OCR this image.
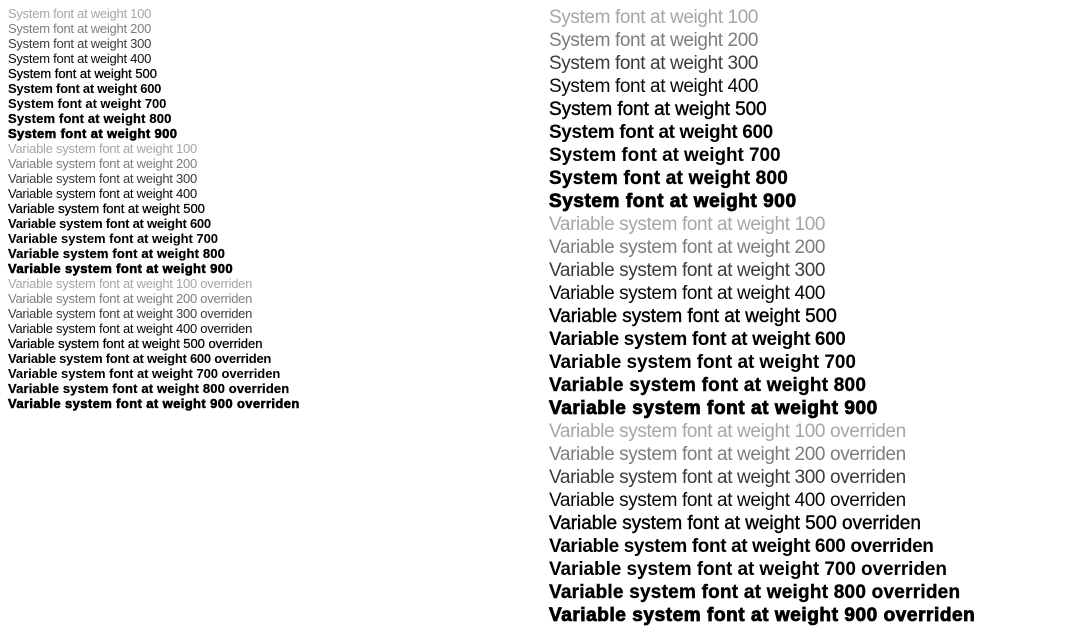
System font at weight 100
System font at weight 200
System font at weight 300
System font at weight 400
System font at weight 500
System font at weight 600
System font at weight 700
System font at weight 800
System font at weight 900
Variable system font at weight 100
Variable system font at weight 200
Variable system font at weight 300
Variable system font at weight 400
Variable system font at weight 500
Variable system font at weight 600
Variable system font at weight 700
Variable system font at weight 800
Variable system font at weight 900
Variable system font at weight 100 overriden
Variable system font at weight 200 overriden
Variable system font at weight 300 overriden
Variable system font at weight 400 overriden
Variable system font at weight 500 overriden
Variable system font at weight 600 overriden
Variable system font at weight 700 overriden
Variable system font at weight 800 overriden
Variable system font at weight 900 overriden
System font at weight 100
System font at weight 200
System font at weight 300
System font at weight 400
System font at weight 500
System font at weight 600
System font at weight 700
System font at weight 800
System font at weight 900
Variable system font at weight 100
Variable system font at weight 200
Variable system font at weight 300
Variable system font at weight 400
Variable system font at weight 500
Variable system font at weight 600
Variable system font at weight 700
Variable system font at weight 800
Variable system font at weight 900
Variable system font at weight 100 overriden
Variable system font at weight 200 overriden
Variable system font at weight 300 overriden
Variable system font at weight 400 overriden
Variable system font at weight 500 overriden
Variable system font at weight 600 overriden
Variable system font at weight 700 overriden
Variable system font at weight 800 overriden
Variable system font at weight 900 overriden
